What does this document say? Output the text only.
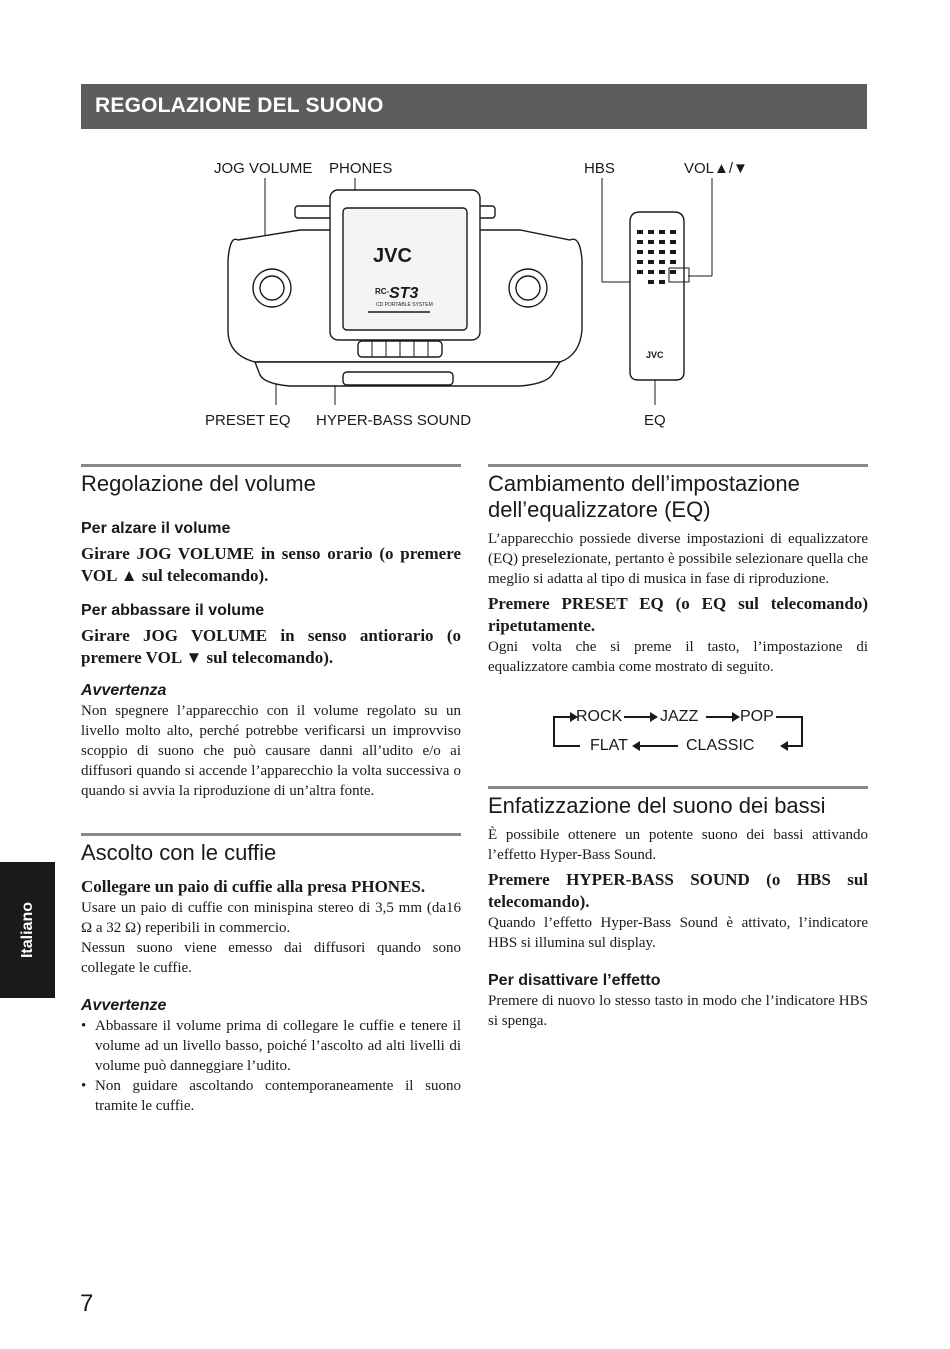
REGOLAZIONE DEL SUONO
JOG VOLUME PHONES	HBS	VOL▲/▼
PRESET EQ HYPER-BASS SOUND	EQ
JVC
RC- ST3
CD PORTABLE SYSTEM
JVC
Regolazione del volume
Per alzare il volume

Girare JOG VOLUME in senso orario (o premere VOL ▲ sul telecomando).

Per abbassare il volume

Girare JOG VOLUME in senso antiorario (o premere VOL ▼ sul telecomando).

Avvertenza

Non spegnere l’apparecchio con il volume regolato su un livello molto alto, perché potrebbe verificarsi un improvviso scoppio di suono che può causare danni all’udito e/o ai diffusori quando si accende l’apparecchio la volta successiva o quando si avvia la riproduzione di un’altra fonte.

Ascolto con le cuffie

Collegare un paio di cuffie alla presa PHONES.

Usare un paio di cuffie con minispina stereo di 3,5 mm (da16 Ω a 32 Ω) reperibili in commercio.

Nessun suono viene emesso dai diffusori quando sono collegate le cuffie.

Avvertenze
• Abbassare il volume prima di collegare le cuffie e tenere il volume ad un livello basso, poiché l’ascolto ad alti livelli di volume può danneggiare l’udito.
• Non guidare ascoltando contemporaneamente il suono tramite le cuffie.
Cambiamento dell’impostazione dell’equalizzatore (EQ)

L’apparecchio possiede diverse impostazioni di equalizzatore (EQ) preselezionate, pertanto è possibile selezionare quella che meglio si adatta al tipo di musica in fase di riproduzione.

Premere PRESET EQ (o EQ sul telecomando) ripetutamente.

Ogni volta che si preme il tasto, l’impostazione di equalizzatore cambia come mostrato di seguito.

ROCK JAZZ	POP
FLAT	CLASSIC
Enfatizzazione del suono dei bassi

È possibile ottenere un potente suono dei bassi attivando l’effetto Hyper-Bass Sound.

Premere HYPER-BASS SOUND (o HBS sul telecomando).

Quando l’effetto Hyper-Bass Sound è attivato, l’indicatore HBS si illumina sul display.

Per disattivare l’effetto

Premere di nuovo lo stesso tasto in modo che l’indicatore HBS si spenga.

Italiano
7
